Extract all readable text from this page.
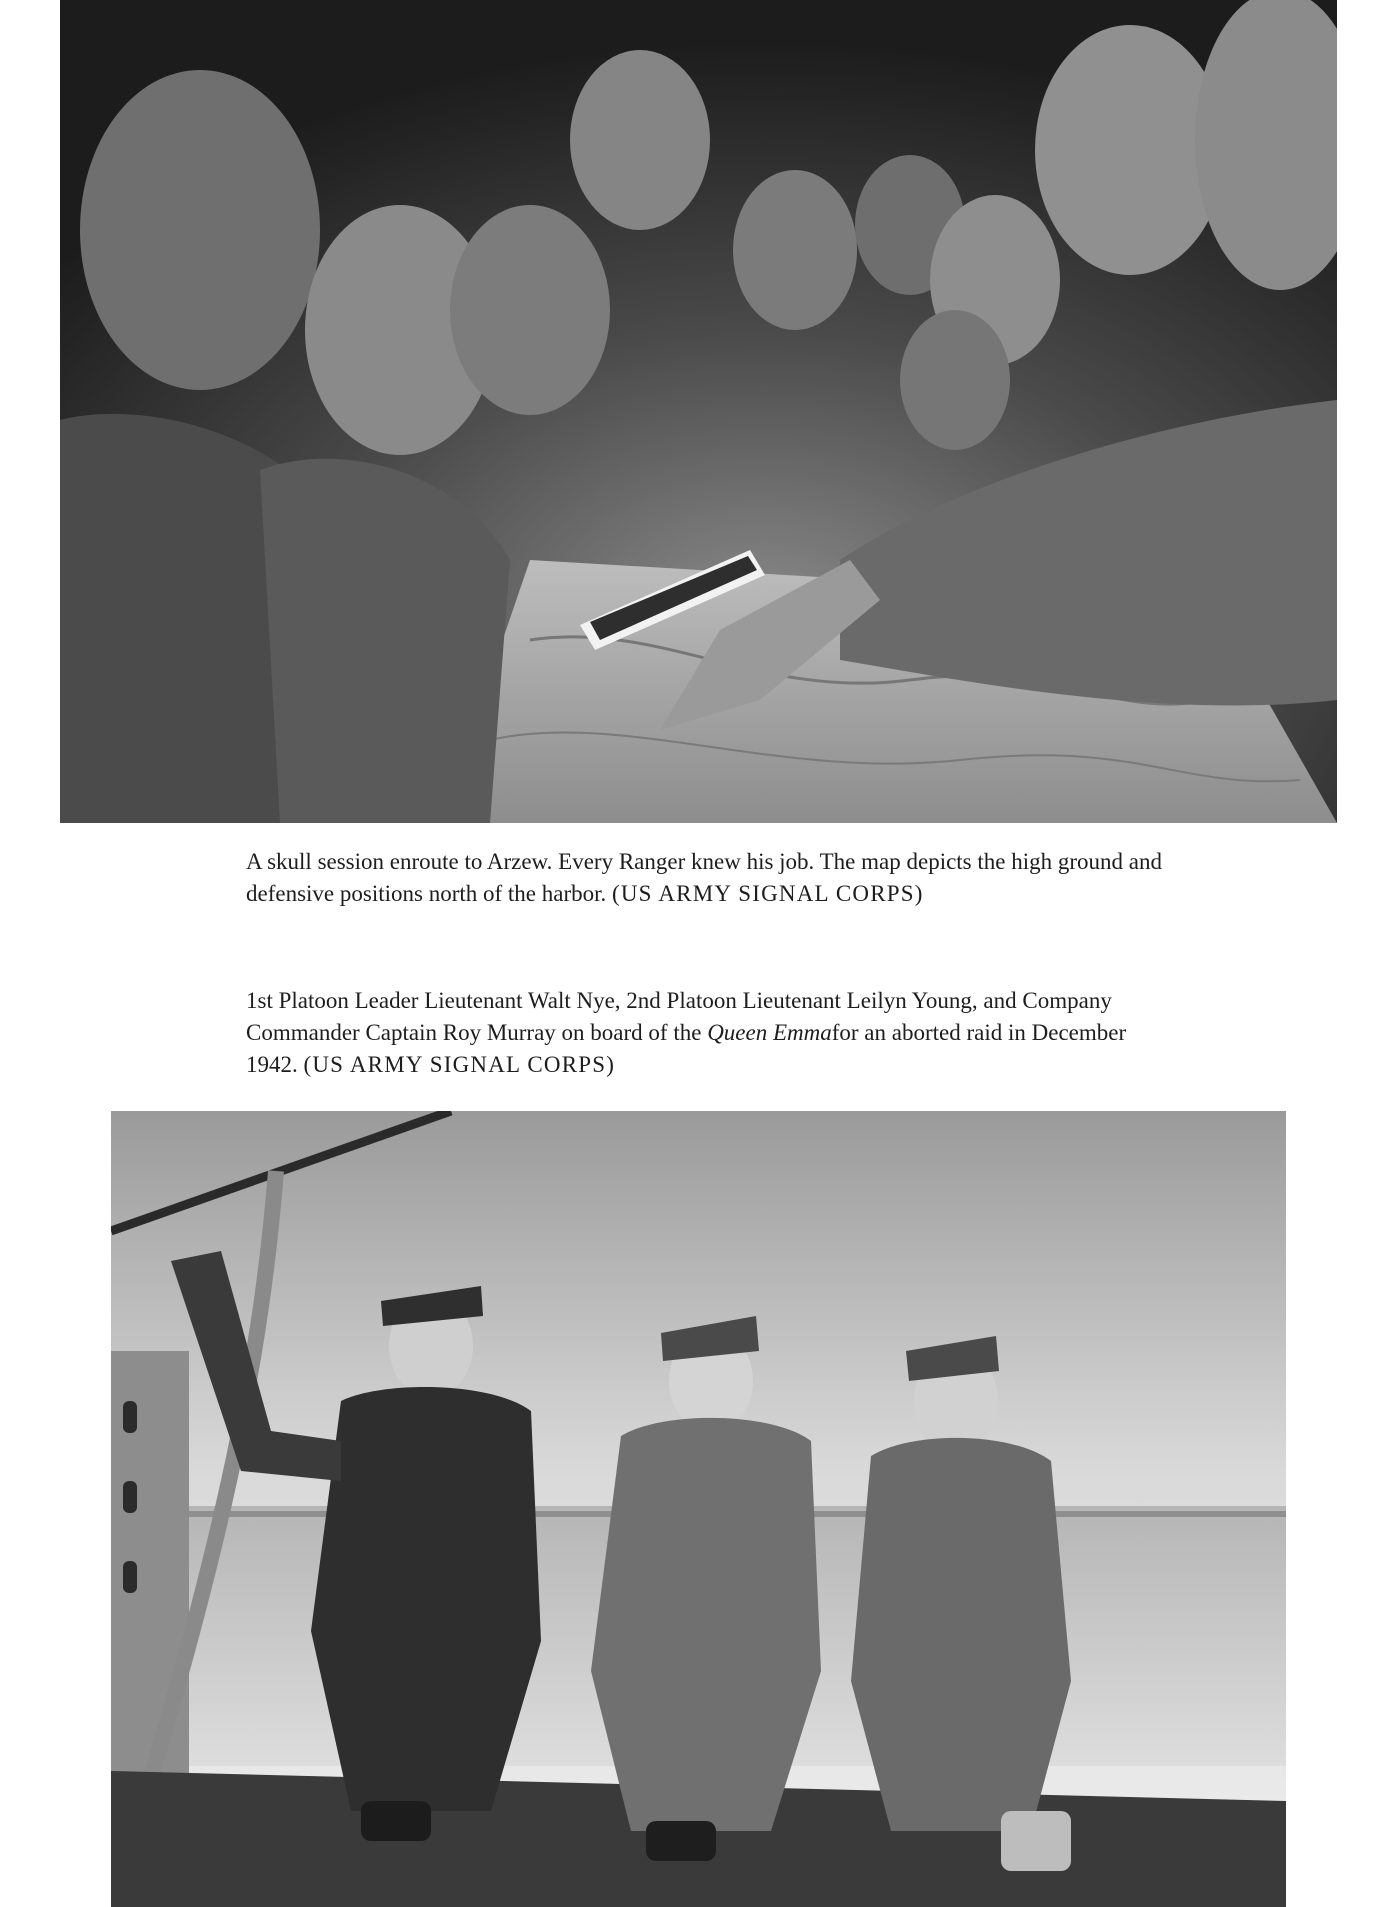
A skull session enroute to Arzew. Every Ranger knew his job. The map depicts the high ground and defensive positions north of the harbor. (US ARMY SIGNAL CORPS)

1st Platoon Leader Lieutenant Walt Nye, 2nd Platoon Lieutenant Leilyn Young, and Company Commander Captain Roy Murray on board of the Queen Emmafor an aborted raid in December 1942. (US ARMY SIGNAL CORPS)
